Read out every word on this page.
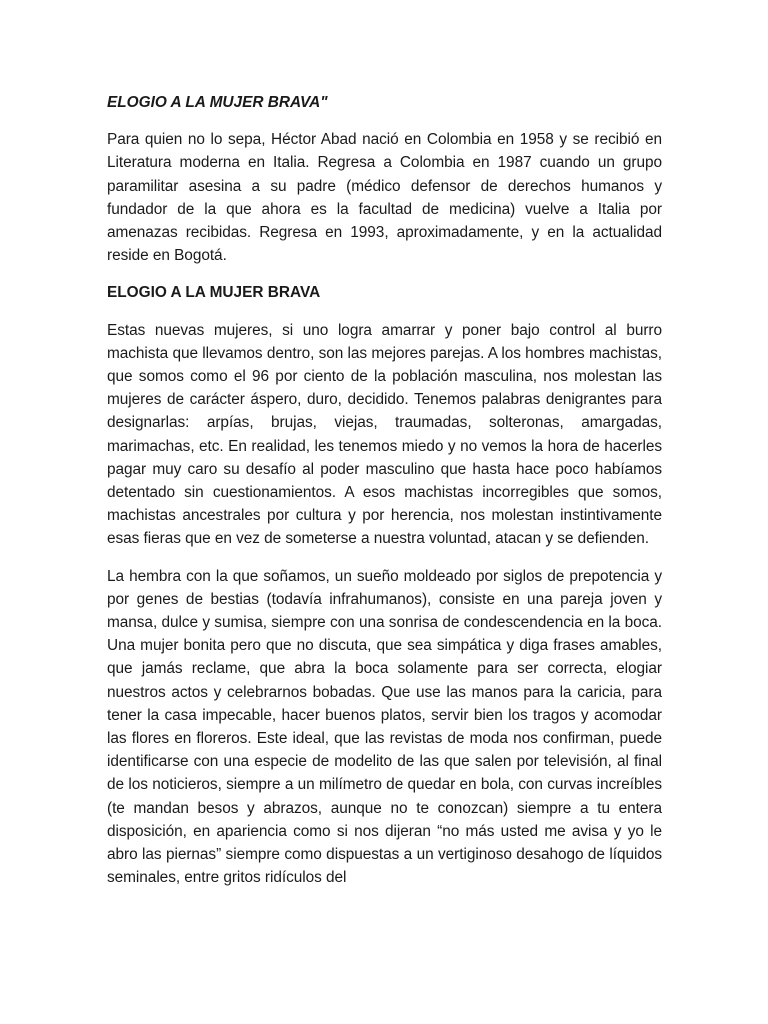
ELOGIO A LA MUJER BRAVA"

Para quien no lo sepa, Héctor Abad nació en Colombia en 1958 y se recibió en Literatura moderna en Italia. Regresa a Colombia en 1987 cuando un grupo paramilitar asesina a su padre (médico defensor de derechos humanos y fundador de la que ahora es la facultad de medicina) vuelve a Italia por amenazas recibidas. Regresa en 1993, aproximadamente, y en la actualidad reside en Bogotá.

ELOGIO A LA MUJER BRAVA

Estas nuevas mujeres, si uno logra amarrar y poner bajo control al burro machista que llevamos dentro, son las mejores parejas. A los hombres machistas, que somos como el 96 por ciento de la población masculina, nos molestan las mujeres de carácter áspero, duro, decidido. Tenemos palabras denigrantes para designarlas: arpías, brujas, viejas, traumadas, solteronas, amargadas, marimachas, etc. En realidad, les tenemos miedo y no vemos la hora de hacerles pagar muy caro su desafío al poder masculino que hasta hace poco habíamos detentado sin cuestionamientos. A esos machistas incorregibles que somos, machistas ancestrales por cultura y por herencia, nos molestan instintivamente esas fieras que en vez de someterse a nuestra voluntad, atacan y se defienden.

La hembra con la que soñamos, un sueño moldeado por siglos de prepotencia y por genes de bestias (todavía infrahumanos), consiste en una pareja joven y mansa, dulce y sumisa, siempre con una sonrisa de condescendencia en la boca. Una mujer bonita pero que no discuta, que sea simpática y diga frases amables, que jamás reclame, que abra la boca solamente para ser correcta, elogiar nuestros actos y celebrarnos bobadas. Que use las manos para la caricia, para tener la casa impecable, hacer buenos platos, servir bien los tragos y acomodar las flores en floreros. Este ideal, que las revistas de moda nos confirman, puede identificarse con una especie de modelito de las que salen por televisión, al final de los noticieros, siempre a un milímetro de quedar en bola, con curvas increíbles (te mandan besos y abrazos, aunque no te conozcan) siempre a tu entera disposición, en apariencia como si nos dijeran “no más usted me avisa y yo le abro las piernas” siempre como dispuestas a un vertiginoso desahogo de líquidos seminales, entre gritos ridículos del
